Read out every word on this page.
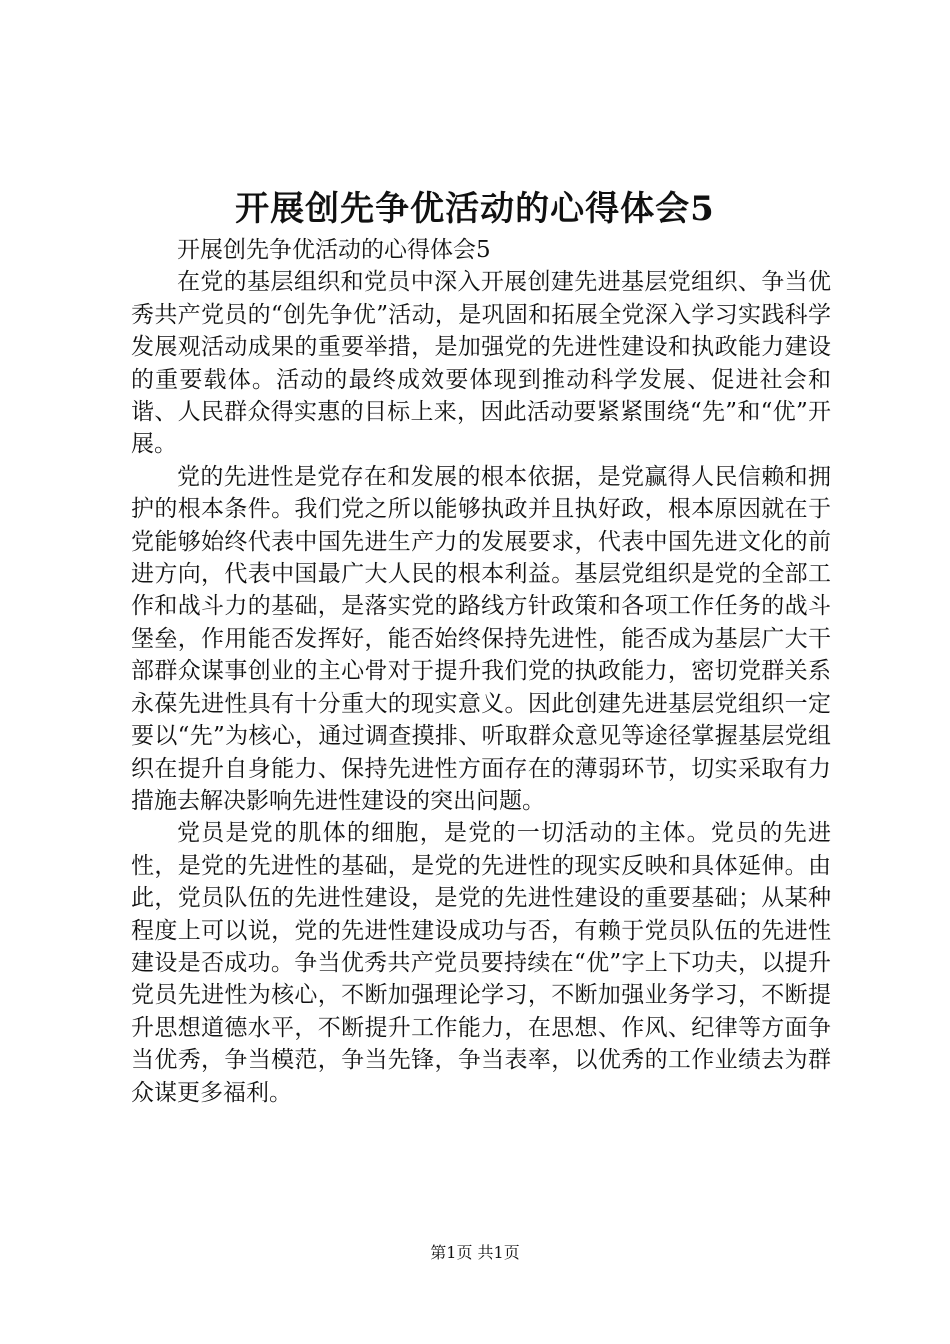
开展创先争优活动的心得体会5

开展创先争优活动的心得体会5

在党的基层组织和党员中深入开展创建先进基层党组织、争当优秀共产党员的“创先争优”活动，是巩固和拓展全党深入学习实践科学发展观活动成果的重要举措，是加强党的先进性建设和执政能力建设的重要载体。活动的最终成效要体现到推动科学发展、促进社会和谐、人民群众得实惠的目标上来，因此活动要紧紧围绕“先”和“优”开展。

党的先进性是党存在和发展的根本依据，是党赢得人民信赖和拥护的根本条件。我们党之所以能够执政并且执好政，根本原因就在于党能够始终代表中国先进生产力的发展要求，代表中国先进文化的前进方向，代表中国最广大人民的根本利益。基层党组织是党的全部工作和战斗力的基础，是落实党的路线方针政策和各项工作任务的战斗堡垒，作用能否发挥好，能否始终保持先进性，能否成为基层广大干部群众谋事创业的主心骨对于提升我们党的执政能力，密切党群关系永葆先进性具有十分重大的现实意义。因此创建先进基层党组织一定要以“先”为核心，通过调查摸排、听取群众意见等途径掌握基层党组织在提升自身能力、保持先进性方面存在的薄弱环节，切实采取有力措施去解决影响先进性建设的突出问题。

党员是党的肌体的细胞，是党的一切活动的主体。党员的先进性，是党的先进性的基础，是党的先进性的现实反映和具体延伸。由此，党员队伍的先进性建设，是党的先进性建设的重要基础；从某种程度上可以说，党的先进性建设成功与否，有赖于党员队伍的先进性建设是否成功。争当优秀共产党员要持续在“优”字上下功夫，以提升党员先进性为核心，不断加强理论学习，不断加强业务学习，不断提升思想道德水平，不断提升工作能力，在思想、作风、纪律等方面争当优秀，争当模范，争当先锋，争当表率，以优秀的工作业绩去为群众谋更多福利。

第1页 共1页
